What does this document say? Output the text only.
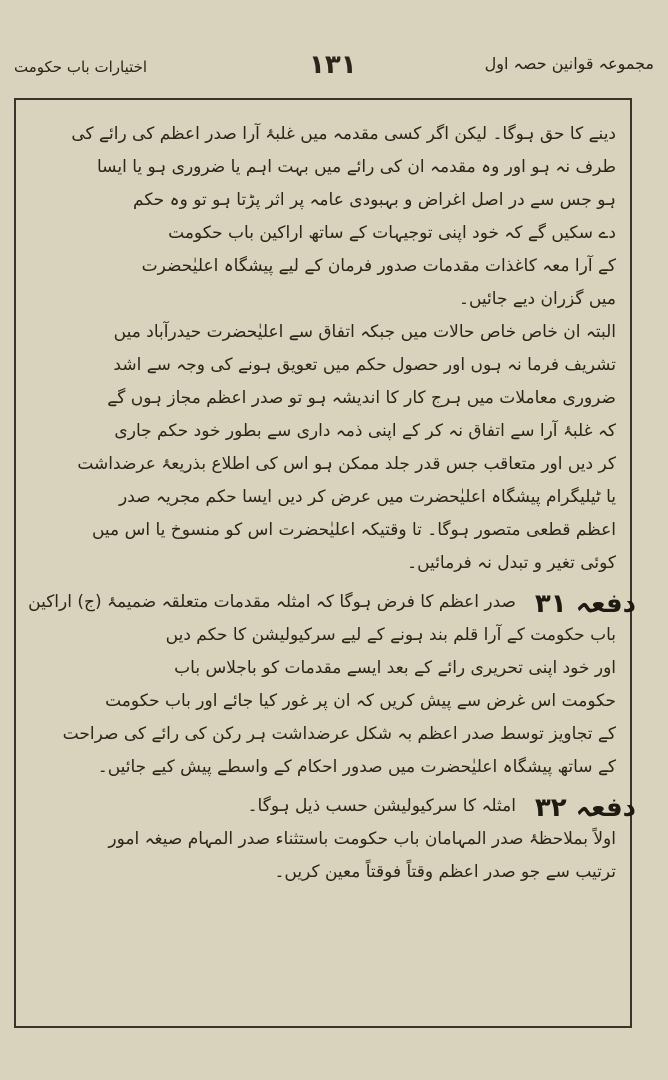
اختیارات باب حکومت	۱۳۱	مجموعہ قوانین حصہ اول
دینے کا حق ہوگا۔ لیکن اگر کسی مقدمہ میں غلبۂ آرا صدر اعظم کی رائے کی
طرف نہ ہو اور وہ مقدمہ ان کی رائے میں بہت اہم یا ضروری ہو یا ایسا
ہو جس سے در اصل اغراض و بہبودی عامہ پر اثر پڑتا ہو تو وہ حکم
دے سکیں گے کہ خود اپنی توجیہات کے ساتھ اراکین باب حکومت
کے آرا معہ کاغذات مقدمات صدور فرمان کے لیے پیشگاہ اعلیٰحضرت
میں گزران دیے جائیں۔
البتہ ان خاص خاص حالات میں جبکہ اتفاق سے اعلیٰحضرت حیدرآباد میں
تشریف فرما نہ ہوں اور حصول حکم میں تعویق ہونے کی وجہ سے اشد
ضروری معاملات میں ہرج کار کا اندیشہ ہو تو صدر اعظم مجاز ہوں گے
کہ غلبۂ آرا سے اتفاق نہ کر کے اپنی ذمہ داری سے بطور خود حکم جاری
کر دیں اور متعاقب جس قدر جلد ممکن ہو اس کی اطلاع بذریعۂ عرضداشت
یا ٹیلیگرام پیشگاہ اعلیٰحضرت میں عرض کر دیں ایسا حکم مجریہ صدر
اعظم قطعی متصور ہوگا۔ تا وقتیکہ اعلیٰحضرت اس کو منسوخ یا اس میں
کوئی تغیر و تبدل نہ فرمائیں۔
دفعہ ۳۱
صدر اعظم کا فرض ہوگا کہ امثلہ مقدمات متعلقہ ضمیمۂ (ج) اراکین
باب حکومت کے آرا قلم بند ہونے کے لیے سرکیولیشن کا حکم دیں
اور خود اپنی تحریری رائے کے بعد ایسے مقدمات کو باجلاس باب
حکومت اس غرض سے پیش کریں کہ ان پر غور کیا جائے اور باب حکومت
کے تجاویز توسط صدر اعظم بہ شکل عرضداشت ہر رکن کی رائے کی صراحت
کے ساتھ پیشگاہ اعلیٰحضرت میں صدور احکام کے واسطے پیش کیے جائیں۔
دفعہ ۳۲
امثلہ کا سرکیولیشن حسب ذیل ہوگا۔
اولاً بملاحظۂ صدر المہامان باب حکومت باستثناء صدر المہام صیغہ امور
ترتیب سے جو صدر اعظم وقتاً فوقتاً معین کریں۔
